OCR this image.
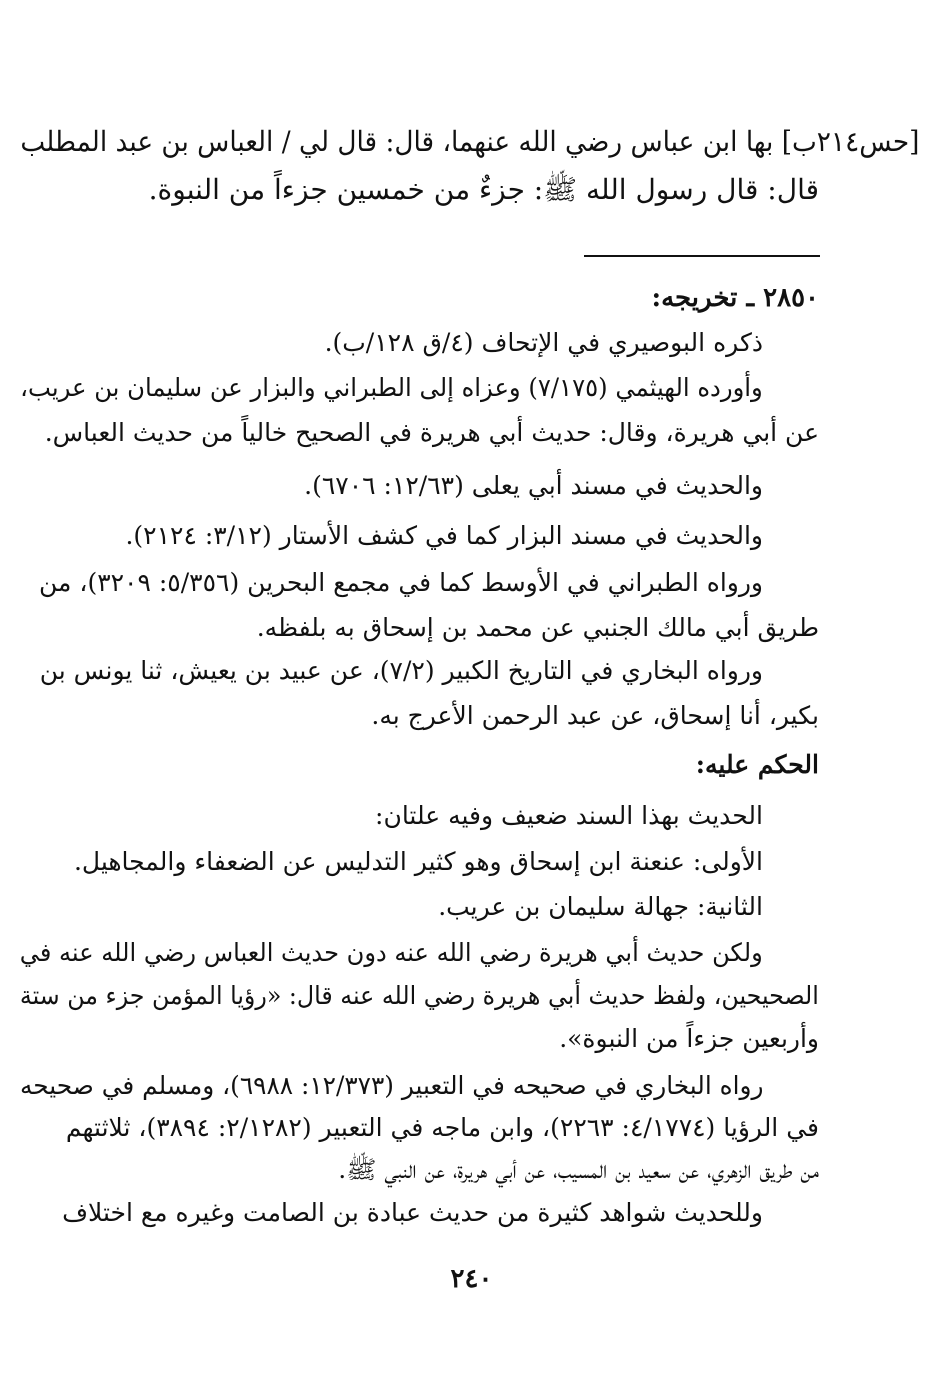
[حس٢١٤ب] بها ابن عباس رضي الله عنهما، قال: قال لي / العباس بن عبد المطلب
قال: قال رسول الله ﷺ: جزءٌ من خمسين جزءاً من النبوة.
٢٨٥٠ ـ تخريجه:
ذكره البوصيري في الإتحاف (٤/ق ١٢٨/ب).
وأورده الهيثمي (٧/١٧٥) وعزاه إلى الطبراني والبزار عن سليمان بن عريب،
عن أبي هريرة، وقال: حديث أبي هريرة في الصحيح خالياً من حديث العباس.
والحديث في مسند أبي يعلى (١٢/٦٣: ٦٧٠٦).
والحديث في مسند البزار كما في كشف الأستار (٣/١٢: ٢١٢٤).
ورواه الطبراني في الأوسط كما في مجمع البحرين (٥/٣٥٦: ٣٢٠٩)، من
طريق أبي مالك الجنبي عن محمد بن إسحاق به بلفظه.
ورواه البخاري في التاريخ الكبير (٧/٢)، عن عبيد بن يعيش، ثنا يونس بن
بكير، أنا إسحاق، عن عبد الرحمن الأعرج به.
الحكم عليه:
الحديث بهذا السند ضعيف وفيه علتان:
الأولى: عنعنة ابن إسحاق وهو كثير التدليس عن الضعفاء والمجاهيل.
الثانية: جهالة سليمان بن عريب.
ولكن حديث أبي هريرة رضي الله عنه دون حديث العباس رضي الله عنه في
الصحيحين، ولفظ حديث أبي هريرة رضي الله عنه قال: «رؤيا المؤمن جزء من ستة
وأربعين جزءاً من النبوة».
رواه البخاري في صحيحه في التعبير (١٢/٣٧٣: ٦٩٨٨)، ومسلم في صحيحه
في الرؤيا (٤/١٧٧٤: ٢٢٦٣)، وابن ماجه في التعبير (٢/١٢٨٢: ٣٨٩٤)، ثلاثتهم
من طريق الزهري، عن سعيد بن المسيب، عن أبي هريرة، عن النبي ﷺ.
وللحديث شواهد كثيرة من حديث عبادة بن الصامت وغيره مع اختلاف
٢٤٠
